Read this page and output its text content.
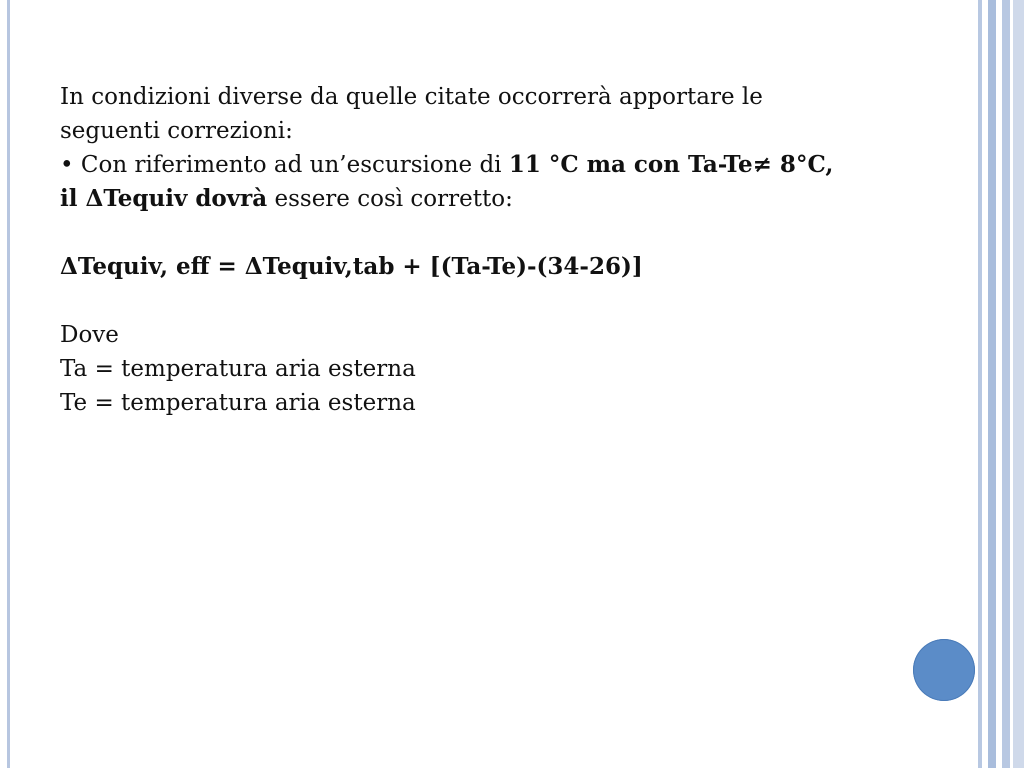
In condizioni diverse da quelle citate occorrerà apportare le

seguenti correzioni:

• Con riferimento ad un’escursione di 11 °C ma con Ta-Te≠ 8°C,

il ΔTequiv dovrà essere così corretto:

ΔTequiv, eff = ΔTequiv,tab + [(Ta-Te)-(34-26)]

Dove

Ta = temperatura aria esterna

Te = temperatura aria esterna
